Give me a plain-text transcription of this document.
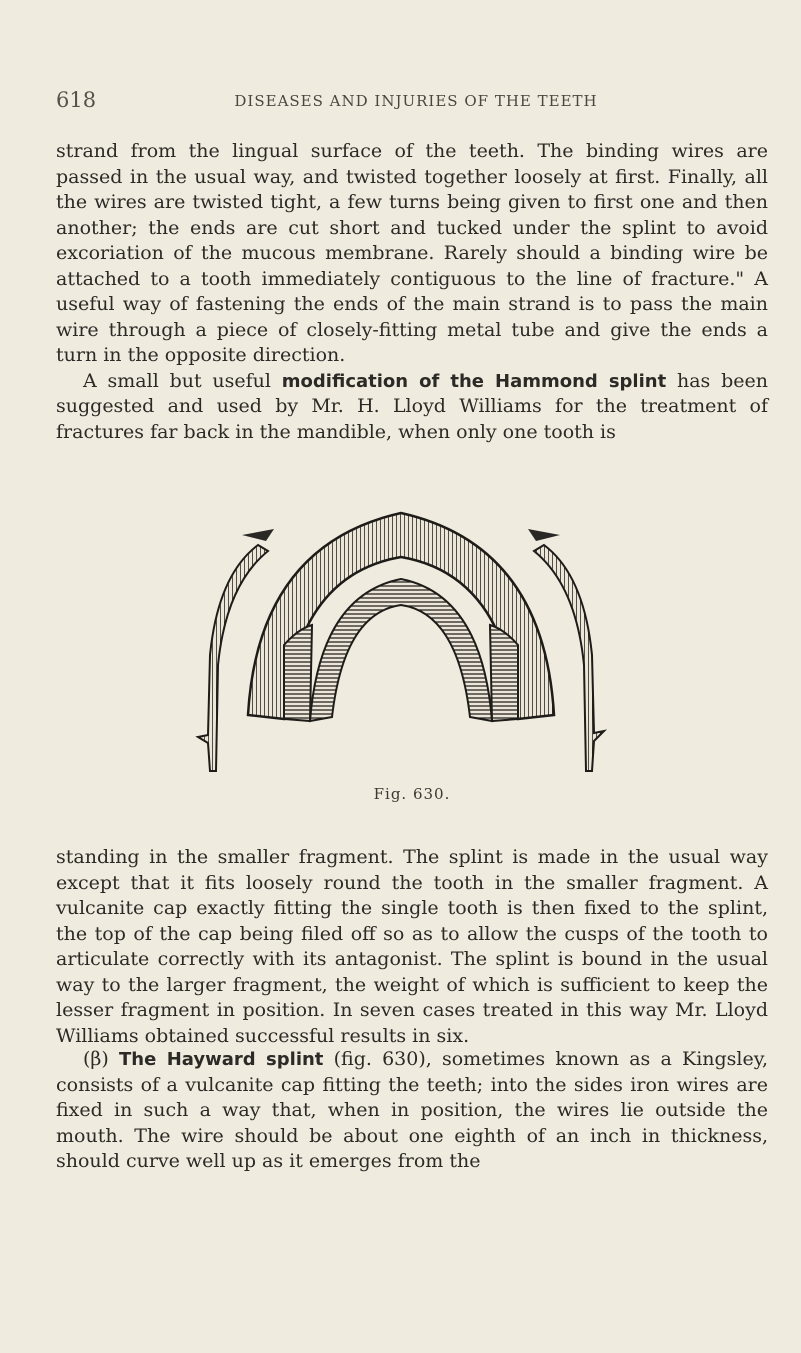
618	DISEASES AND INJURIES OF THE TEETH

strand from the lingual surface of the teeth. The binding wires are passed in the usual way, and twisted together loosely at first. Finally, all the wires are twisted tight, a few turns being given to first one and then another; the ends are cut short and tucked under the splint to avoid excoriation of the mucous membrane. Rarely should a binding wire be attached to a tooth immediately contiguous to the line of fracture." A useful way of fastening the ends of the main strand is to pass the main wire through a piece of closely-fitting metal tube and give the ends a turn in the opposite direction.
A small but useful modification of the Hammond splint has been suggested and used by Mr. H. Lloyd Williams for the treatment of fractures far back in the mandible, when only one tooth is

Fig. 630.

standing in the smaller fragment. The splint is made in the usual way except that it fits loosely round the tooth in the smaller fragment. A vulcanite cap exactly fitting the single tooth is then fixed to the splint, the top of the cap being filed off so as to allow the cusps of the tooth to articulate correctly with its antagonist. The splint is bound in the usual way to the larger fragment, the weight of which is sufficient to keep the lesser fragment in position. In seven cases treated in this way Mr. Lloyd Williams obtained successful results in six.

(β) The Hayward splint (fig. 630), sometimes known as a Kingsley, consists of a vulcanite cap fitting the teeth; into the sides iron wires are fixed in such a way that, when in position, the wires lie outside the mouth. The wire should be about one eighth of an inch in thickness, should curve well up as it emerges from the
